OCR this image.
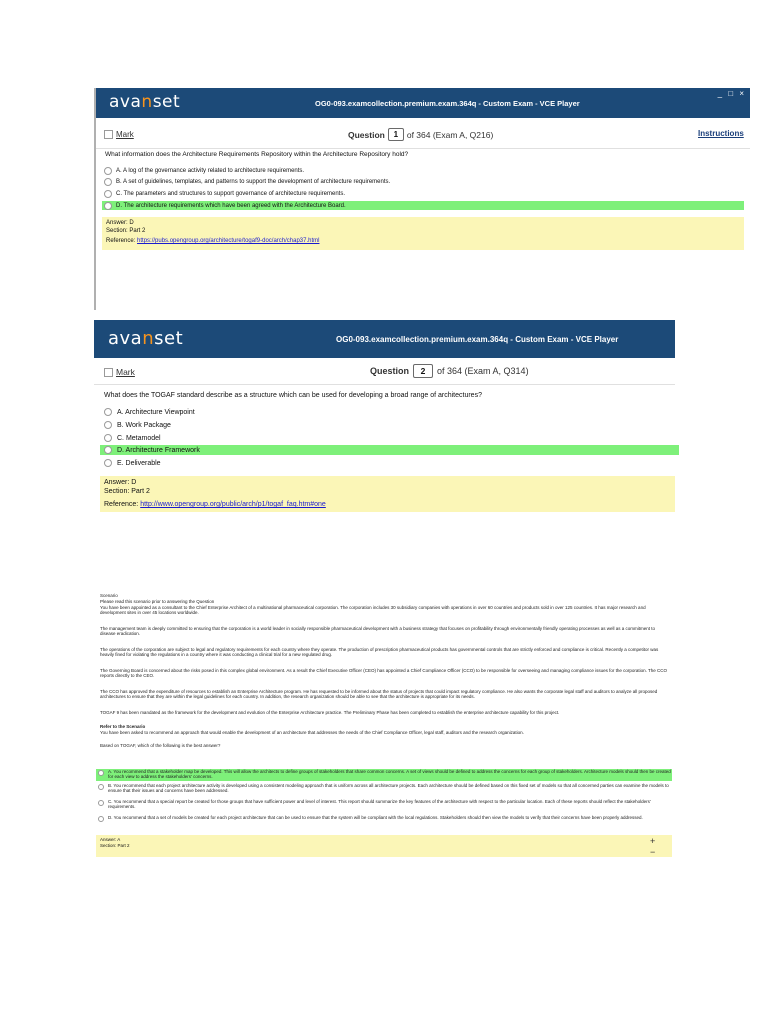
avanset	OG0-093.examcollection.premium.exam.364q - Custom Exam - VCE Player
_ □ ×
Mark	Question	1	of 364 (Exam A, Q216)	Instructions
What information does the Architecture Requirements Repository within the Architecture Repository hold?
A. A log of the governance activity related to architecture requirements.
B. A set of guidelines, templates, and patterns to support the development of architecture requirements.
C. The parameters and structures to support governance of architecture requirements.
D. The architecture requirements which have been agreed with the Architecture Board.
Answer: D
Section: Part 2
Reference: https://pubs.opengroup.org/architecture/togaf9-doc/arch/chap37.html
avanset	OG0-093.examcollection.premium.exam.364q - Custom Exam - VCE Player
Mark	Question	2	of 364 (Exam A, Q314)
What does the TOGAF standard describe as a structure which can be used for developing a broad range of architectures?
A. Architecture Viewpoint
B. Work Package
C. Metamodel
D. Architecture Framework
E. Deliverable
Answer: D
Section: Part 2
Reference: http://www.opengroup.org/public/arch/p1/togaf_faq.htm#one
Scenario
Please read this scenario prior to answering the Question
You have been appointed as a consultant to the Chief Enterprise Architect of a multinational pharmaceutical corporation. The corporation includes 30 subsidiary companies with operations in over 60 countries and products sold in over 125 countries. It has major research and development sites in over 45 locations worldwide.
The management team is deeply committed to ensuring that the corporation is a world leader in socially responsible pharmaceutical development with a business strategy that focuses on profitability through environmentally friendly operating processes as well as a commitment to disease eradication.
The operations of the corporation are subject to legal and regulatory requirements for each country where they operate. The production of prescription pharmaceutical products has governmental controls that are strictly enforced and compliance is critical. Recently a competitor was heavily fined for violating the regulations in a country where it was conducting a clinical trial for a new regulated drug.
The Governing Board is concerned about the risks posed in this complex global environment. As a result the Chief Executive Officer (CEO) has appointed a Chief Compliance Officer (CCO) to be responsible for overseeing and managing compliance issues for the corporation. The CCO reports directly to the CEO.
The CCO has approved the expenditure of resources to establish an Enterprise Architecture program. He has requested to be informed about the status of projects that could impact regulatory compliance. He also wants the corporate legal staff and auditors to analyze all proposed architectures to ensure that they are within the legal guidelines for each country. In addition, the research organization should be able to see that the architecture is appropriate for its needs.
TOGAF 9 has been mandated as the framework for the development and evolution of the Enterprise Architecture practice. The Preliminary Phase has been completed to establish the enterprise architecture capability for this project.
Refer to the Scenario
You have been asked to recommend an approach that would enable the development of an architecture that addresses the needs of the Chief Compliance Officer, legal staff, auditors and the research organization.
Based on TOGAF, which of the following is the best answer?
A. You recommend that a stakeholder map be developed. This will allow the architects to define groups of stakeholders that share common concerns. A set of views should be defined to address the concerns for each group of stakeholders. Architecture models should then be created for each view to address the stakeholders' concerns.
B. You recommend that each project architecture activity is developed using a consistent modeling approach that is uniform across all architecture projects. Each architecture should be defined based on this fixed set of models so that all concerned parties can examine the models to ensure that their issues and concerns have been addressed.
C. You recommend that a special report be created for those groups that have sufficient power and level of interest. This report should summarize the key features of the architecture with respect to the particular location. Each of these reports should reflect the stakeholders' requirements.
D. You recommend that a set of models be created for each project architecture that can be used to ensure that the system will be compliant with the local regulations. Stakeholders should then view the models to verify that their concerns have been properly addressed.
Answer: A
Section: Part 2	+
−
